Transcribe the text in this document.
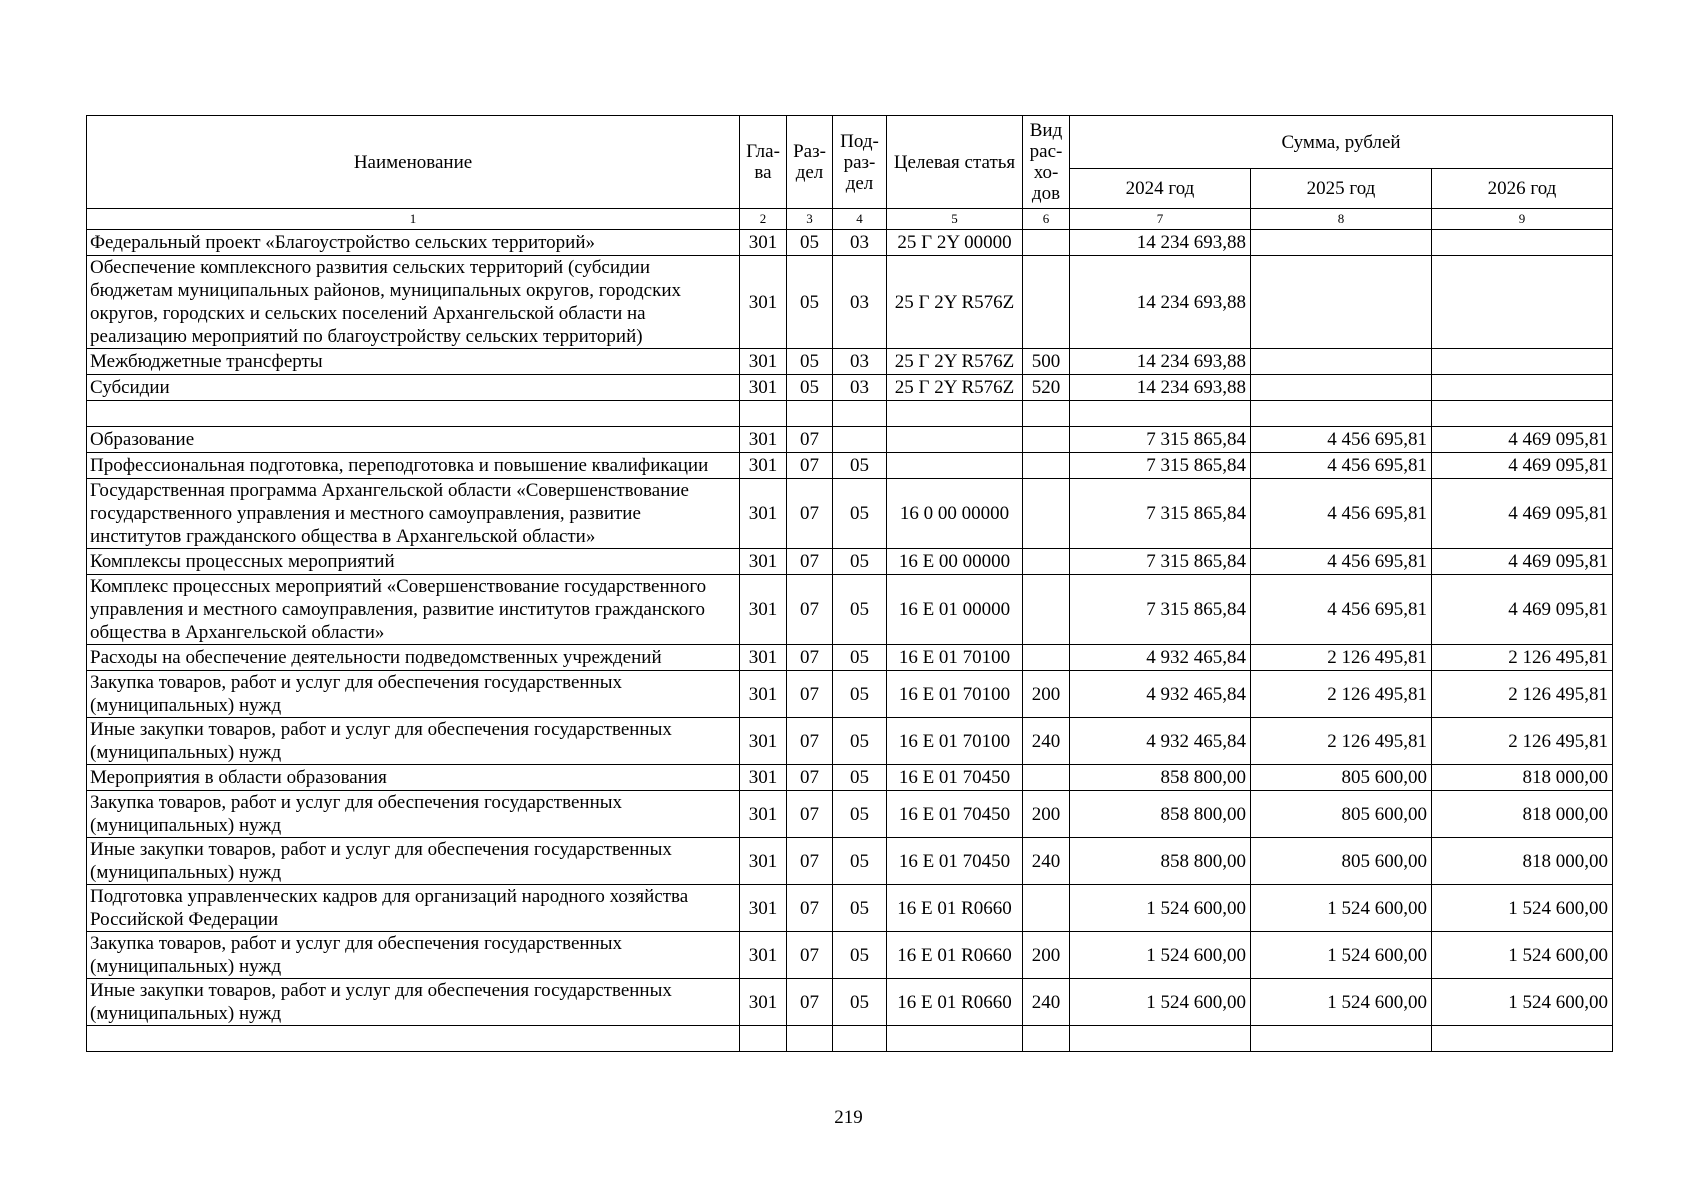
Наименование	Гла-ва	Раз-дел	Под-раз-дел	Целевая статья	Вид рас-хо-дов	Сумма, рублей		
						2024 год	2025 год	2026 год
1	2	3	4	5	6	7	8	9
Федеральный проект «Благоустройство сельских территорий»	301	05	03	25 Г 2Y 00000		14 234 693,88		
Обеспечение комплексного развития сельских территорий (субсидии бюджетам муниципальных районов, муниципальных округов, городских округов, городских и сельских поселений Архангельской области на реализацию мероприятий по благоустройству сельских территорий)	301	05	03	25 Г 2Y R576Z		14 234 693,88		
Межбюджетные трансферты	301	05	03	25 Г 2Y R576Z	500	14 234 693,88		
Субсидии	301	05	03	25 Г 2Y R576Z	520	14 234 693,88		

Образование	301	07				7 315 865,84	4 456 695,81	4 469 095,81
Профессиональная подготовка, переподготовка и повышение квалификации	301	07	05			7 315 865,84	4 456 695,81	4 469 095,81
Государственная программа Архангельской области «Совершенствование государственного управления и местного самоуправления, развитие институтов гражданского общества в Архангельской области»	301	07	05	16 0 00 00000		7 315 865,84	4 456 695,81	4 469 095,81
Комплексы процессных мероприятий	301	07	05	16 Е 00 00000		7 315 865,84	4 456 695,81	4 469 095,81
Комплекс процессных мероприятий «Совершенствование государственного управления и местного самоуправления, развитие институтов гражданского общества в Архангельской области»	301	07	05	16 Е 01 00000		7 315 865,84	4 456 695,81	4 469 095,81
Расходы на обеспечение деятельности подведомственных учреждений	301	07	05	16 Е 01 70100		4 932 465,84	2 126 495,81	2 126 495,81
Закупка товаров, работ и услуг для обеспечения государственных (муниципальных) нужд	301	07	05	16 Е 01 70100	200	4 932 465,84	2 126 495,81	2 126 495,81
Иные закупки товаров, работ и услуг для обеспечения государственных (муниципальных) нужд	301	07	05	16 Е 01 70100	240	4 932 465,84	2 126 495,81	2 126 495,81
Мероприятия в области образования	301	07	05	16 Е 01 70450		858 800,00	805 600,00	818 000,00
Закупка товаров, работ и услуг для обеспечения государственных (муниципальных) нужд	301	07	05	16 Е 01 70450	200	858 800,00	805 600,00	818 000,00
Иные закупки товаров, работ и услуг для обеспечения государственных (муниципальных) нужд	301	07	05	16 Е 01 70450	240	858 800,00	805 600,00	818 000,00
Подготовка управленческих кадров для организаций народного хозяйства Российской Федерации	301	07	05	16 Е 01 R0660		1 524 600,00	1 524 600,00	1 524 600,00
Закупка товаров, работ и услуг для обеспечения государственных (муниципальных) нужд	301	07	05	16 Е 01 R0660	200	1 524 600,00	1 524 600,00	1 524 600,00
Иные закупки товаров, работ и услуг для обеспечения государственных (муниципальных) нужд	301	07	05	16 Е 01 R0660	240	1 524 600,00	1 524 600,00	1 524 600,00

219
